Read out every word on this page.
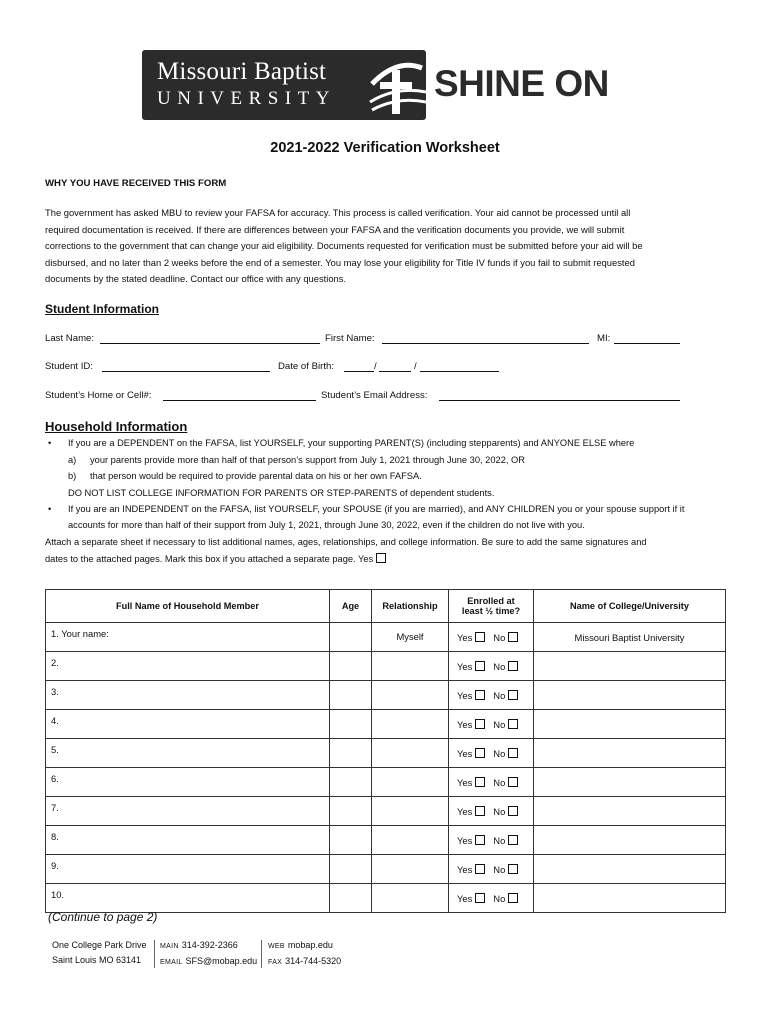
Missouri Baptist
UNIVERSITY	SHINE ON
2021-2022 Verification Worksheet
WHY YOU HAVE RECEIVED THIS FORM
The government has asked MBU to review your FAFSA for accuracy. This process is called verification. Your aid cannot be processed until all
required documentation is received. If there are differences between your FAFSA and the verification documents you provide, we will submit
corrections to the government that can change your aid eligibility. Documents requested for verification must be submitted before your aid will be
disbursed, and no later than 2 weeks before the end of a semester. You may lose your eligibility for Title IV funds if you fail to submit requested
documents by the stated deadline. Contact our office with any questions.
Student Information
Last Name:	First Name:	MI:
Student ID:	Date of Birth:	/	/
Student’s Home or Cell#:	Student’s Email Address:
Household Information
• If you are a DEPENDENT on the FAFSA, list YOURSELF, your supporting PARENT(S) (including stepparents) and ANYONE ELSE where
a) your parents provide more than half of that person’s support from July 1, 2021 through June 30, 2022, OR
b) that person would be required to provide parental data on his or her own FAFSA.
DO NOT LIST COLLEGE INFORMATION FOR PARENTS OR STEP-PARENTS of dependent students.
• If you are an INDEPENDENT on the FAFSA, list YOURSELF, your SPOUSE (if you are married), and ANY CHILDREN you or your spouse support if it
accounts for more than half of their support from July 1, 2021, through June 30, 2022, even if the children do not live with you.
Attach a separate sheet if necessary to list additional names, ages, relationships, and college information. Be sure to add the same signatures and
dates to the attached pages. Mark this box if you attached a separate page. Yes
Full Name of Household Member	Age	Relationship	Enrolled at
least ½ time?	Name of College/University

1. Your name:		Myself	Yes No	Missouri Baptist University

2.			Yes No	

3.			Yes No	

4.			Yes No	

5.			Yes No	

6.			Yes No	

7.			Yes No	

8.			Yes No	

9.			Yes No	

10.			Yes No	

(Continue to page 2)
One College Park Drive
Saint Louis MO 63141
MAIN 314-392-2366
EMAIL SFS@mobap.edu
WEB mobap.edu
FAX 314-744-5320
